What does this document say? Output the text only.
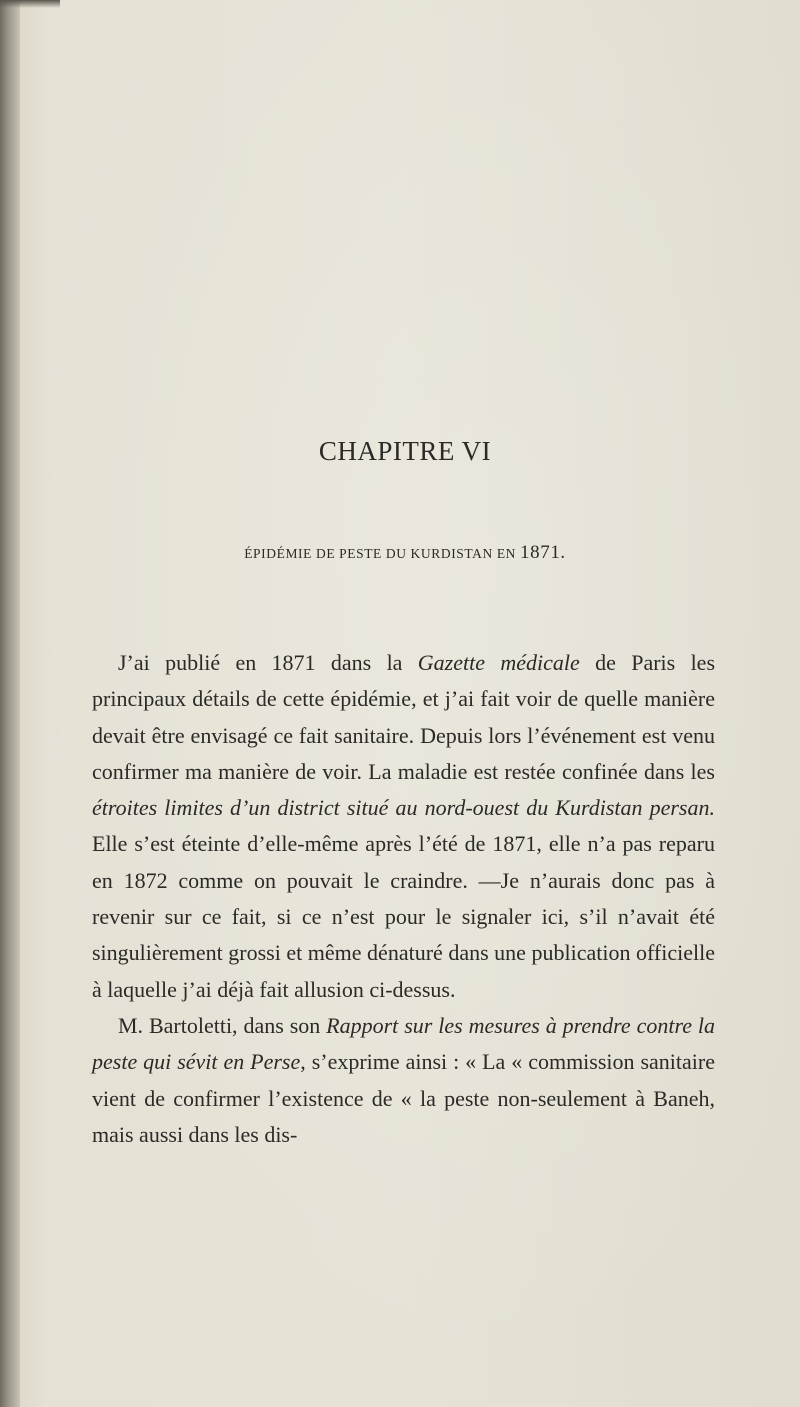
CHAPITRE VI
ÉPIDÉMIE DE PESTE DU KURDISTAN EN 1871.

J’ai publié en 1871 dans la Gazette médicale de Paris les principaux détails de cette épidémie, et j’ai fait voir de quelle manière devait être envisagé ce fait sanitaire. Depuis lors l’événement est venu confirmer ma manière de voir. La maladie est restée confinée dans les étroites limites d’un district situé au nord-ouest du Kurdistan persan. Elle s’est éteinte d’elle-même après l’été de 1871, elle n’a pas reparu en 1872 comme on pouvait le craindre. —Je n’aurais donc pas à revenir sur ce fait, si ce n’est pour le signaler ici, s’il n’avait été singulièrement grossi et même dénaturé dans une publication officielle à laquelle j’ai déjà fait allusion ci-dessus.

M. Bartoletti, dans son Rapport sur les mesures à prendre contre la peste qui sévit en Perse, s’exprime ainsi : « La « commission sanitaire vient de confirmer l’existence de « la peste non-seulement à Baneh, mais aussi dans les dis-
